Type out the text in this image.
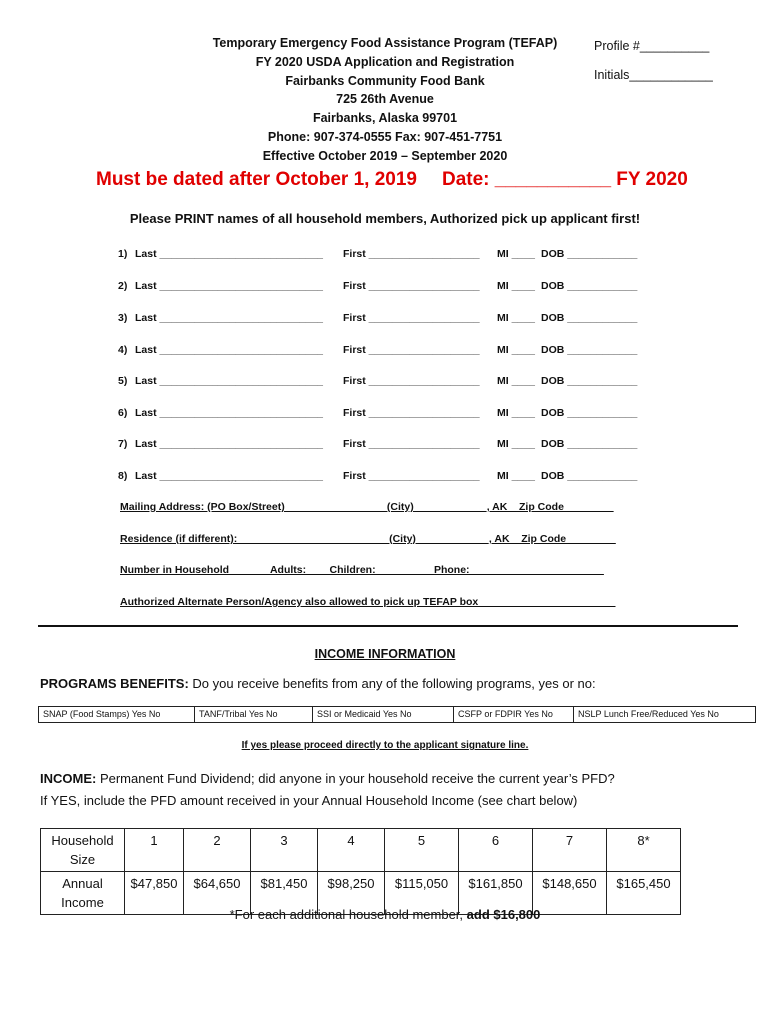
Temporary Emergency Food Assistance Program (TEFAP)
FY 2020 USDA Application and Registration
Fairbanks Community Food Bank
725 26th Avenue
Fairbanks, Alaska 99701
Phone: 907-374-0555 Fax: 907-451-7751
Effective October 2019 – September 2020
Profile #__________
Initials____________
Must be dated after October 1, 2019 Date: ___________ FY 2020
Please PRINT names of all household members, Authorized pick up applicant first!
1) Last ____________________________ First ___________________ MI ____ DOB ____________
2) Last ____________________________ First ___________________ MI ____ DOB ____________
3) Last ____________________________ First ___________________ MI ____ DOB ____________
4) Last ____________________________ First ___________________ MI ____ DOB ____________
5) Last ____________________________ First ___________________ MI ____ DOB ____________
6) Last ____________________________ First ___________________ MI ____ DOB ____________
7) Last ____________________________ First ___________________ MI ____ DOB ____________
8) Last ____________________________ First ___________________ MI ____ DOB ____________
Mailing Address: (PO Box/Street) _________________(City) ____________, AK _ Zip Code ________
Residence (if different):__________________________(City) ____________, AK _ Zip Code ________
Number in Household_______Adults:____Children:__________Phone:_______________________
Authorized Alternate Person/Agency also allowed to pick up TEFAP box _______________________
INCOME INFORMATION
PROGRAMS BENEFITS: Do you receive benefits from any of the following programs, yes or no:
SNAP (Food Stamps) Yes No	TANF/Tribal Yes No	SSI or Medicaid Yes No	CSFP or FDPIR Yes No	NSLP Lunch Free/Reduced Yes No
If yes please proceed directly to the applicant signature line.
INCOME: Permanent Fund Dividend; did anyone in your household receive the current year’s PFD?
If YES, include the PFD amount received in your Annual Household Income (see chart below)
Household Size	1	2	3	4	5	6	7	8*
Annual Income	$47,850	$64,650	$81,450	$98,250	$115,050	$161,850	$148,650	$165,450
*For each additional household member, add $16,800
